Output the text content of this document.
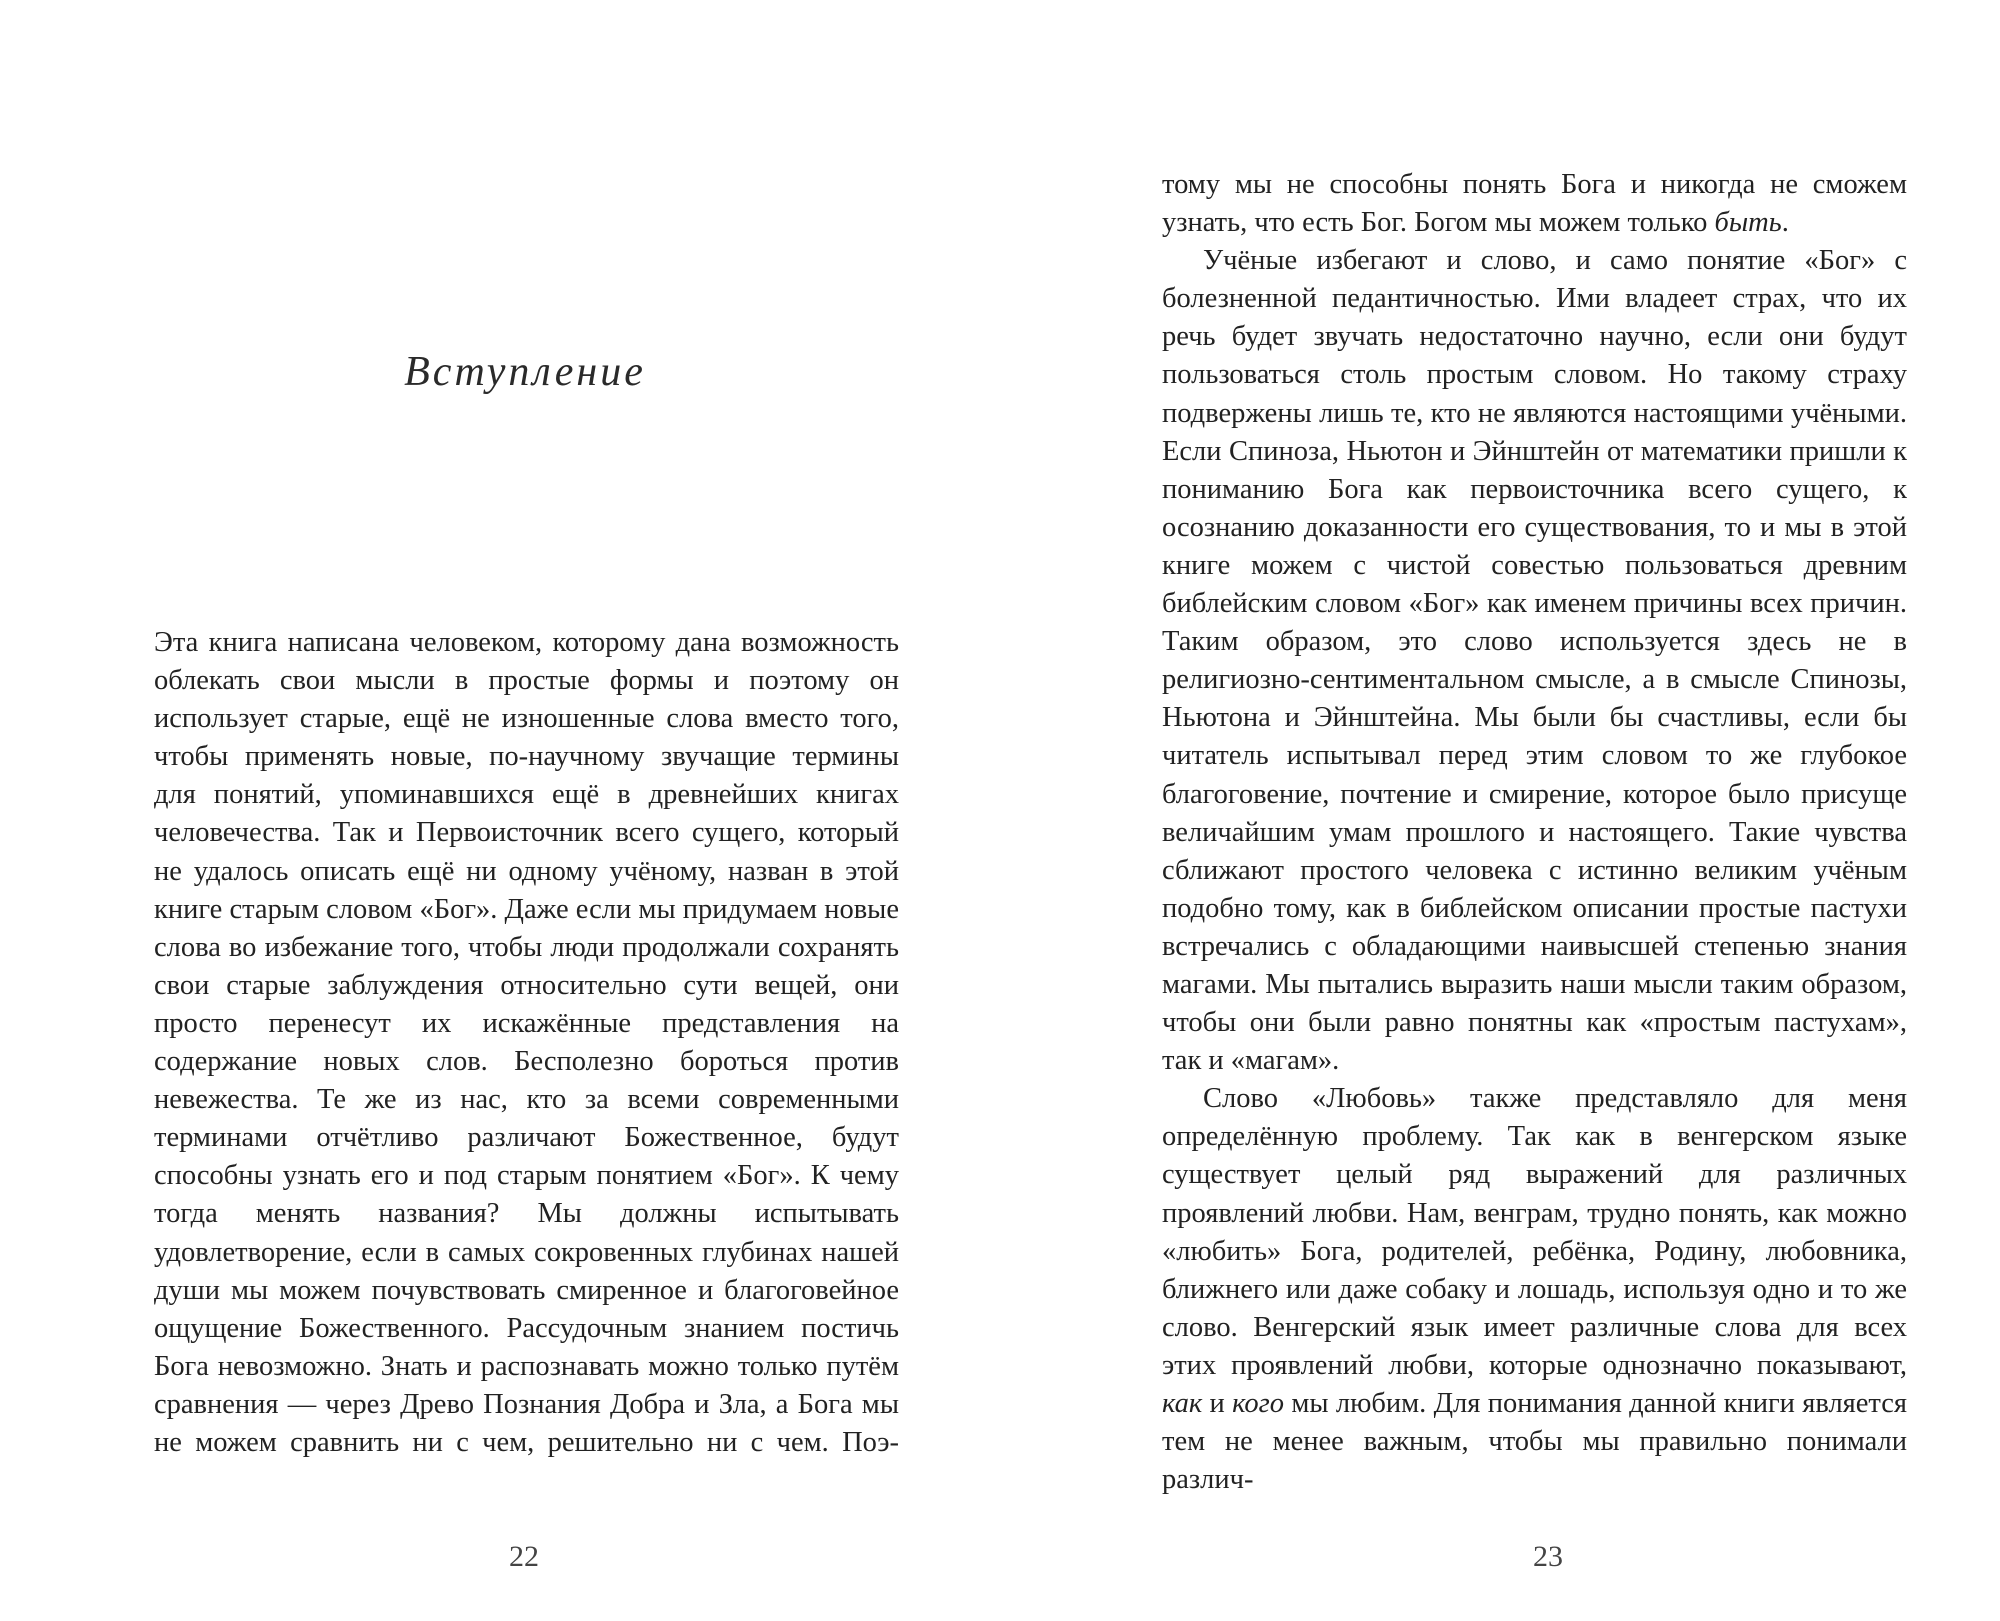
Вступление

Эта книга написана человеком, которому дана возможность облекать свои мысли в простые формы и поэтому он использует старые, ещё не изношенные слова вместо того, чтобы применять новые, по-научному звучащие термины для понятий, упоминавшихся ещё в древнейших книгах человечества. Так и Первоисточник всего сущего, который не удалось описать ещё ни одному учёному, назван в этой книге старым словом «Бог». Даже если мы придумаем новые слова во избежание того, чтобы люди продолжали сохранять свои старые заблуждения относительно сути вещей, они просто перенесут их искажённые представления на содержание новых слов. Бесполезно бороться против невежества. Те же из нас, кто за всеми современными терминами отчётливо различают Божественное, будут способны узнать его и под старым понятием «Бог». К чему тогда менять названия? Мы должны испытывать удовлетворение, если в самых сокровенных глубинах нашей души мы можем почувствовать смиренное и благоговейное ощущение Божественного. Рассудочным знанием постичь Бога невозможно. Знать и распознавать можно только путём сравнения — через Древо Познания Добра и Зла, а Бога мы не можем сравнить ни с чем, решительно ни с чем. Поэ-

22

тому мы не способны понять Бога и никогда не сможем узнать, что есть Бог. Богом мы можем только быть.

Учёные избегают и слово, и само понятие «Бог» с болезненной педантичностью. Ими владеет страх, что их речь будет звучать недостаточно научно, если они будут пользоваться столь простым словом. Но такому страху подвержены лишь те, кто не являются настоящими учёными. Если Спиноза, Ньютон и Эйнштейн от математики пришли к пониманию Бога как первоисточника всего сущего, к осознанию доказанности его существования, то и мы в этой книге можем с чистой совестью пользоваться древним библейским словом «Бог» как именем причины всех причин. Таким образом, это слово используется здесь не в религиозно-сентиментальном смысле, а в смысле Спинозы, Ньютона и Эйнштейна. Мы были бы счастливы, если бы читатель испытывал перед этим словом то же глубокое благоговение, почтение и смирение, которое было присуще величайшим умам прошлого и настоящего. Такие чувства сближают простого человека с истинно великим учёным подобно тому, как в библейском описании простые пастухи встречались с обладающими наивысшей степенью знания магами. Мы пытались выразить наши мысли таким образом, чтобы они были равно понятны как «простым пастухам», так и «магам».

Слово «Любовь» также представляло для меня определённую проблему. Так как в венгерском языке существует целый ряд выражений для различных проявлений любви. Нам, венграм, трудно понять, как можно «любить» Бога, родителей, ребёнка, Родину, любовника, ближнего или даже собаку и лошадь, используя одно и то же слово. Венгерский язык имеет различные слова для всех этих проявлений любви, которые однозначно показывают, как и кого мы любим. Для понимания данной книги является тем не менее важным, чтобы мы правильно понимали различ-

23
